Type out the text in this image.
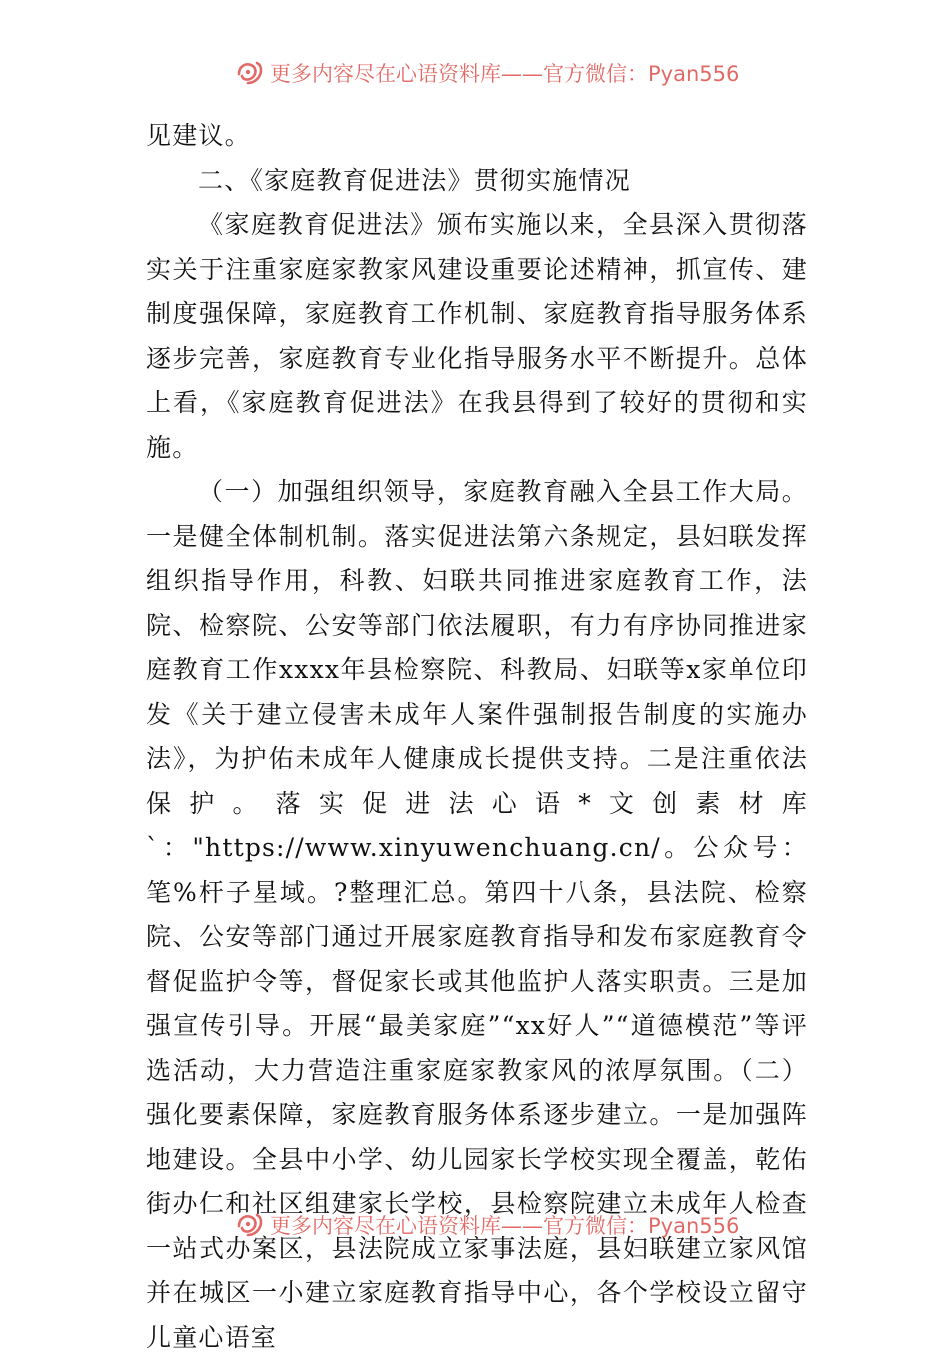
更多内容尽在心语资料库——官方微信：Pyan556

见建议。

二、《家庭教育促进法》贯彻实施情况

《家庭教育促进法》颁布实施以来，全县深入贯彻落实关于注重家庭家教家风建设重要论述精神，抓宣传、建制度强保障，家庭教育工作机制、家庭教育指导服务体系逐步完善，家庭教育专业化指导服务水平不断提升。总体上看，《家庭教育促进法》在我县得到了较好的贯彻和实施。

（一）加强组织领导，家庭教育融入全县工作大局。一是健全体制机制。落实促进法第六条规定，县妇联发挥组织指导作用，科教、妇联共同推进家庭教育工作，法院、检察院、公安等部门依法履职，有力有序协同推进家庭教育工作xxxx年县检察院、科教局、妇联等x家单位印发《关于建立侵害未成年人案件强制报告制度的实施办法》，为护佑未成年人健康成长提供支持。二是注重依法保护。落实促进法心语*文创素材库`："https://www.xinyuwenchuang.cn/。公众号：笔%杆子星域。?整理汇总。第四十八条，县法院、检察院、公安等部门通过开展家庭教育指导和发布家庭教育令督促监护令等，督促家长或其他监护人落实职责。三是加强宣传引导。开展“最美家庭”“xx好人”“道德模范”等评选活动，大力营造注重家庭家教家风的浓厚氛围。（二）强化要素保障，家庭教育服务体系逐步建立。一是加强阵地建设。全县中小学、幼儿园家长学校实现全覆盖，乾佑街办仁和社区组建家长学校，县检察院建立未成年人检查一站式办案区，县法院成立家事法庭，县妇联建立家风馆并在城区一小建立家庭教育指导中心，各个学校设立留守儿童心语室

更多内容尽在心语资料库——官方微信：Pyan556
